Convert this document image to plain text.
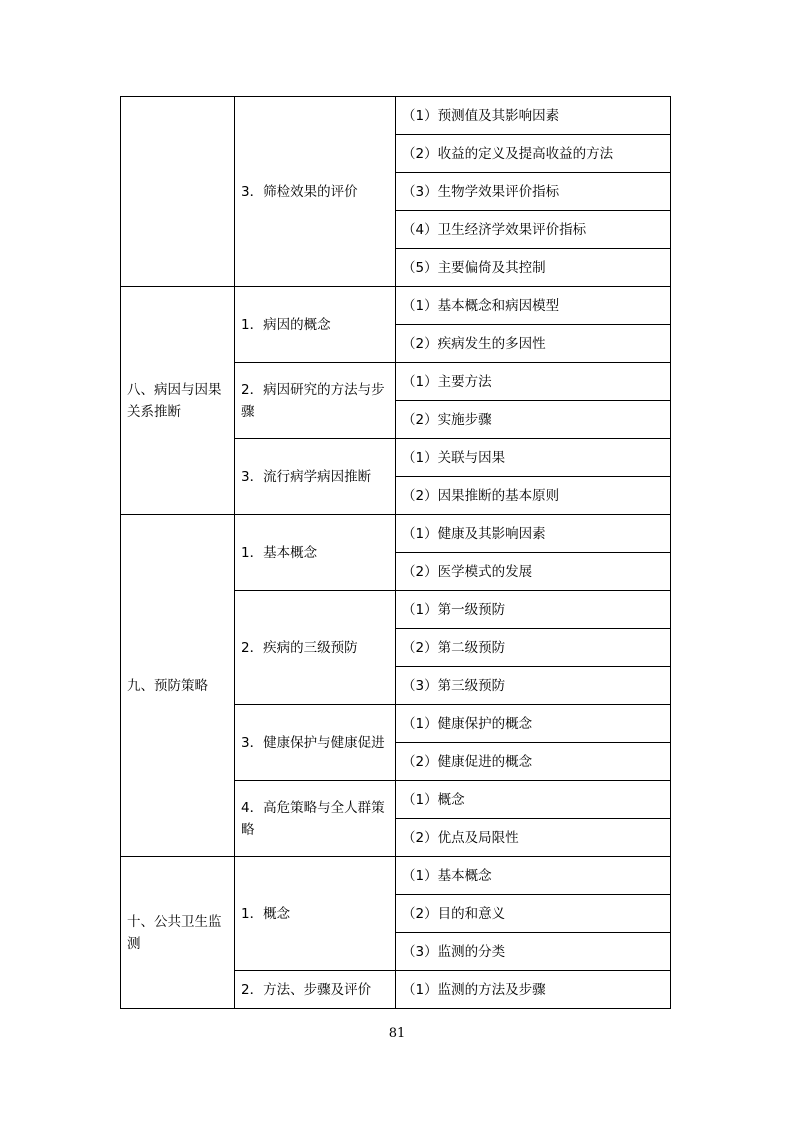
	3．筛检效果的评价	（1）预测值及其影响因素
		（2）收益的定义及提高收益的方法
		（3）生物学效果评价指标
		（4）卫生经济学效果评价指标
		（5）主要偏倚及其控制
八、病因与因果关系推断	1．病因的概念	（1）基本概念和病因模型
		（2）疾病发生的多因性
	2．病因研究的方法与步骤	（1）主要方法
		（2）实施步骤
	3．流行病学病因推断	（1）关联与因果
		（2）因果推断的基本原则
九、预防策略	1．基本概念	（1）健康及其影响因素
		（2）医学模式的发展
	2．疾病的三级预防	（1）第一级预防
		（2）第二级预防
		（3）第三级预防
	3．健康保护与健康促进	（1）健康保护的概念
		（2）健康促进的概念
	4．高危策略与全人群策略	（1）概念
		（2）优点及局限性
十、公共卫生监测	1．概念	（1）基本概念
		（2）目的和意义
		（3）监测的分类
	2．方法、步骤及评价	（1）监测的方法及步骤
81
